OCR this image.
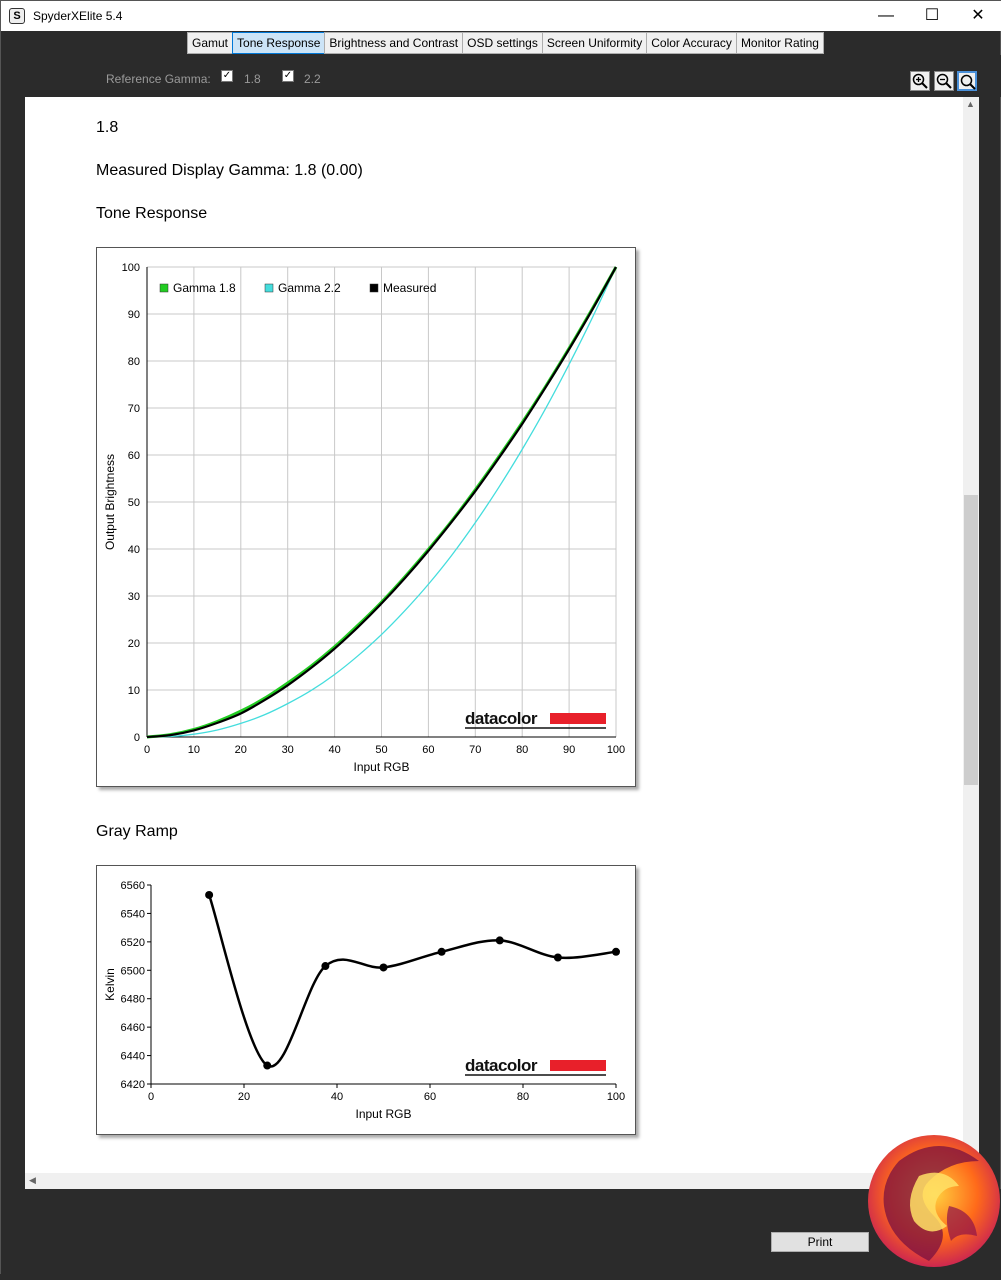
S	SpyderXElite 5.4	—	☐	✕
Gamut Tone Response Brightness and Contrast OSD settings Screen Uniformity Color Accuracy Monitor Rating
Reference Gamma: ✓ 1.8 ✓ 2.2
1.8
Measured Display Gamma: 1.8 (0.00)
Tone Response
0	10	20	30	40	50	60	70	80	90	100
0
10
20
30
40
50
60
70
80
90
100
Input RGB
Output Brightness
datacolor
Gamma 1.8	Gamma 2.2	Measured
Gray Ramp
0	20	40	60	80	100
6420
6440
6460
6480
6500
6520
6540
6560
Input RGB
Kelvin
datacolor
▲
◀
Print
